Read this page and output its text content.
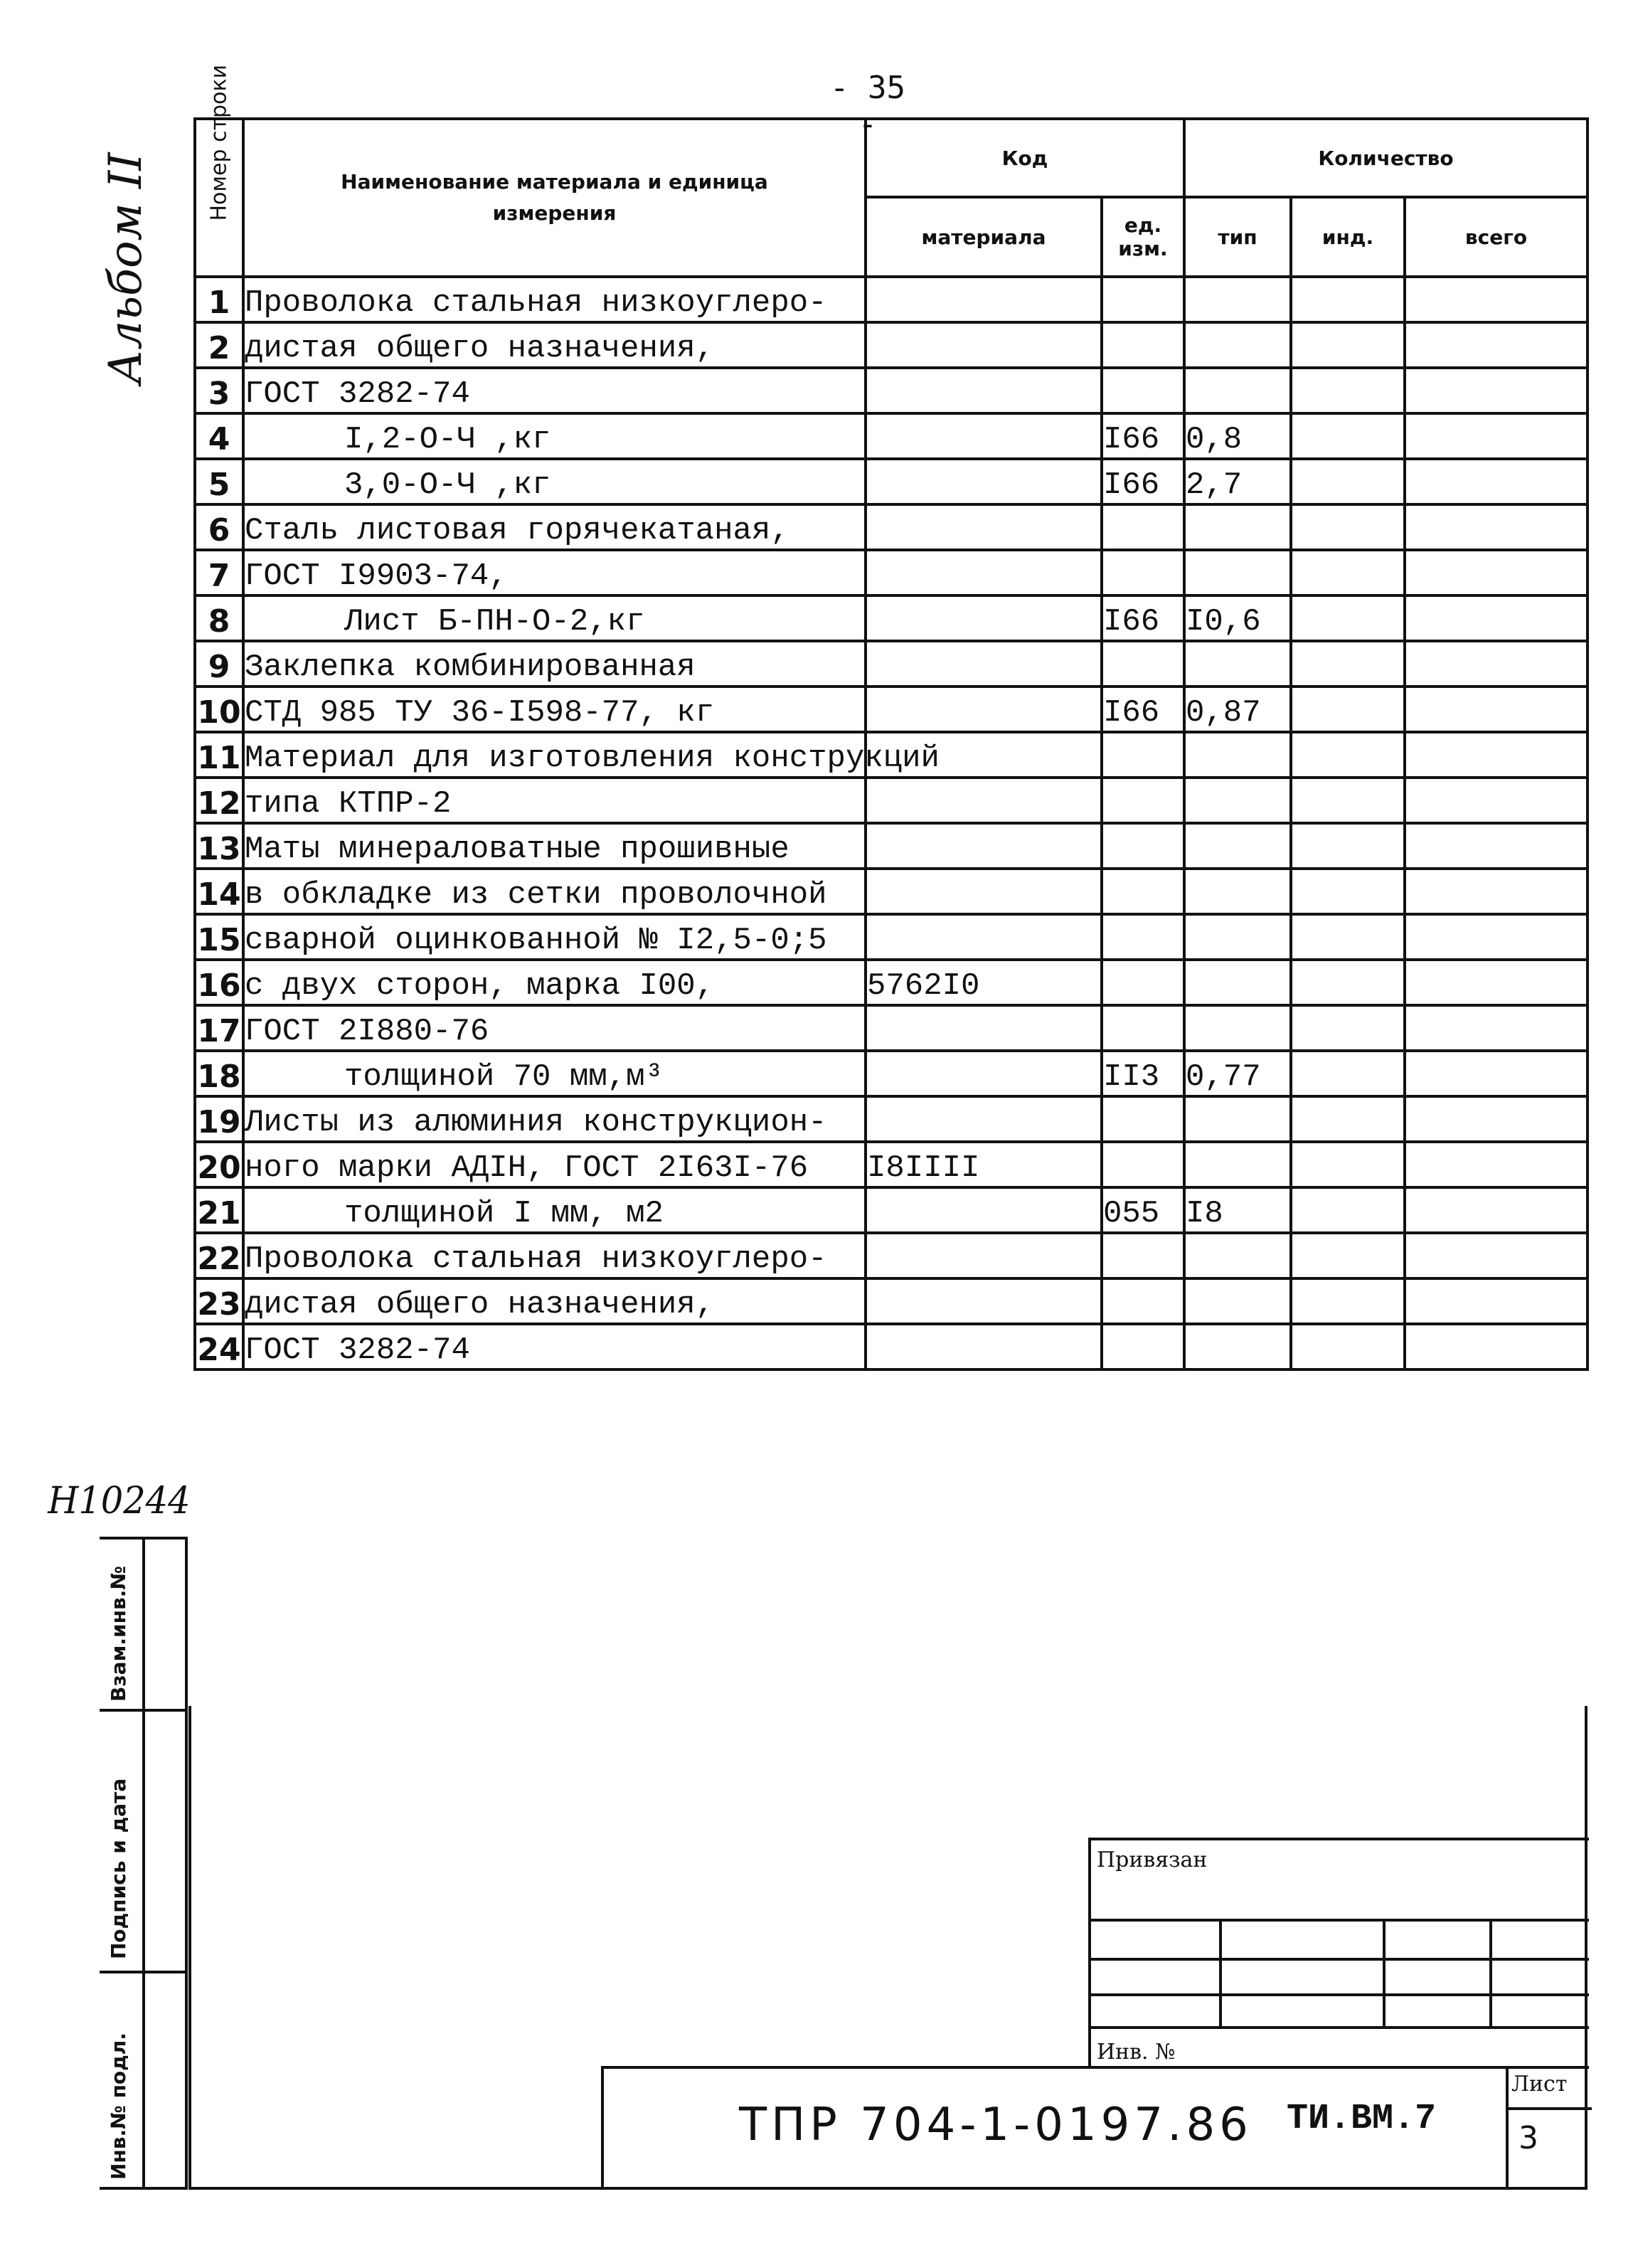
- 35 -
Альбом II
Н10244
Номер строки	Наименование материала и единица измерения	Код		Количество		
		материала	ед. изм.	тип	инд.	всего
1	Проволока стальная низкоуглеро-					
2	дистая общего назначения,					
3	ГОСТ 3282-74					
4	I,2-О-Ч ,кг		I66	0,8		
5	3,0-О-Ч ,кг		I66	2,7		
6	Сталь листовая горячекатаная,					
7	ГОСТ I9903-74,					
8	Лист Б-ПН-О-2,кг		I66	I0,6		
9	Заклепка комбинированная					
10	СТД 985 ТУ 36-I598-77, кг		I66	0,87		
11	Материал для изготовления конструкций					
12	типа КТПР-2					
13	Маты минераловатные прошивные					
14	в обкладке из сетки проволочной					
15	сварной оцинкованной № I2,5-0;5					
16	с двух сторон, марка I00,	5762I0				
17	ГОСТ 2I880-76					
18	толщиной 70 мм,м³		II3	0,77		
19	Листы из алюминия конструкцион-					
20	ного марки АДIН, ГОСТ 2I63I-76	I8IIII				
21	толщиной I мм, м2		055	I8		
22	Проволока стальная низкоуглеро-					
23	дистая общего назначения,					
24	ГОСТ 3282-74					
Взам.инв.№
Подпись и дата
Инв.№ подл.
Привязан
Инв. №
ТПР 704-1-0197.86 ТИ.ВМ.7
Лист
3
